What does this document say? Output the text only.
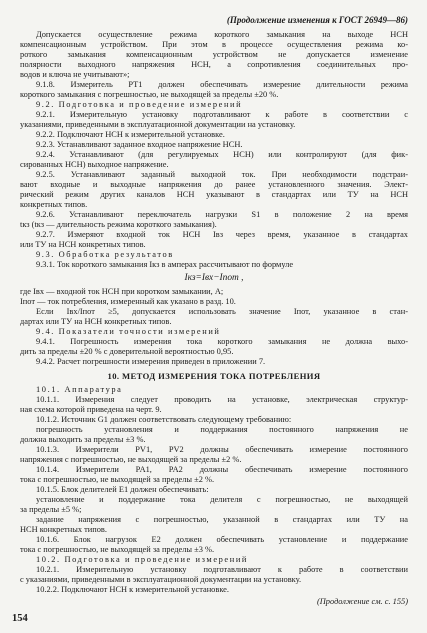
(Продолжение изменения к ГОСТ 26949—86)

Допускается осуществление режима короткого замыкания на выходе НСН

компенсационным устройством. При этом в процессе осуществления режима ко-

роткого замыкания компенсационным устройством не допускается изменение

полярности выходного напряжения НСН, а сопротивления соединительных про-

водов и ключа не учитывают»;

9.1.8. Измеритель РТ1 должен обеспечивать измерение длительности режима

короткого замыкания с погрешностью, не выходящей за пределы ±20 %.

9.2. Подготовка и проведение измерений

9.2.1. Измерительную установку подготавливают к работе в соответствии с

указаниями, приведенными в эксплуатационной документации на установку.

9.2.2. Подключают НСН к измерительной установке.

9.2.3. Устанавливают заданное входное напряжение НСН.

9.2.4. Устанавливают (для регулируемых НСН) или контролируют (для фик-

сированных НСН) выходное напряжение.

9.2.5. Устанавливают заданный выходной ток. При необходимости подстраи-

вают входные и выходные напряжения до ранее установленного значения. Элект-

рический режим других каналов НСН указывают в стандартах или ТУ на НСН

конкретных типов.

9.2.6. Устанавливают переключатель нагрузки S1 в положение 2 на время

tкз (tкз — длительность режима короткого замыкания).

9.2.7. Измеряют входной ток НСН Iвз через время, указанное в стандартах

или ТУ на НСН конкретных типов.

9.3. Обработка результатов

9.3.1. Ток короткого замыкания Iкз в амперах рассчитывают по формуле

Iкз=Iвх−Iпот ,

где Iвх — входной ток НСН при коротком замыкании, А;

Iпот — ток потребления, измеренный как указано в разд. 10.

Если Iвх/Iпот ≥5, допускается использовать значение Iпот, указанное в стан-

дартах или ТУ на НСН конкретных типов.

9.4. Показатели точности измерений

9.4.1. Погрешность измерения тока короткого замыкания не должна выхо-

дить за пределы ±20 % с доверительной вероятностью 0,95.

9.4.2. Расчет погрешности измерения приведен в приложении 7.

10. МЕТОД ИЗМЕРЕНИЯ ТОКА ПОТРЕБЛЕНИЯ

10.1. Аппаратура

10.1.1. Измерения следует проводить на установке, электрическая структур-

ная схема которой приведена на черт. 9.

10.1.2. Источник G1 должен соответствовать следующему требованию:

погрешность установления и поддержания постоянного напряжения не

должна выходить за пределы ±3 %.

10.1.3. Измерители PV1, PV2 должны обеспечивать измерение постоянного

напряжения с погрешностью, не выходящей за пределы ±2 %.

10.1.4. Измерители PA1, PA2 должны обеспечивать измерение постоянного

тока с погрешностью, не выходящей за пределы ±2 %.

10.1.5. Блок делителей E1 должен обеспечивать:

установление и поддержание тока делителя с погрешностью, не выходящей

за пределы ±5 %;

задание напряжения с погрешностью, указанной в стандартах или ТУ на

НСН конкретных типов.

10.1.6. Блок нагрузок E2 должен обеспечивать установление и поддержание

тока с погрешностью, не выходящей за пределы ±3 %.

10.2. Подготовка и проведение измерений

10.2.1. Измерительную установку подготавливают к работе в соответствии

с указаниями, приведенными в эксплуатационной документации на установку.

10.2.2. Подключают НСН к измерительной установке.

(Продолжение см. с. 155)

154
